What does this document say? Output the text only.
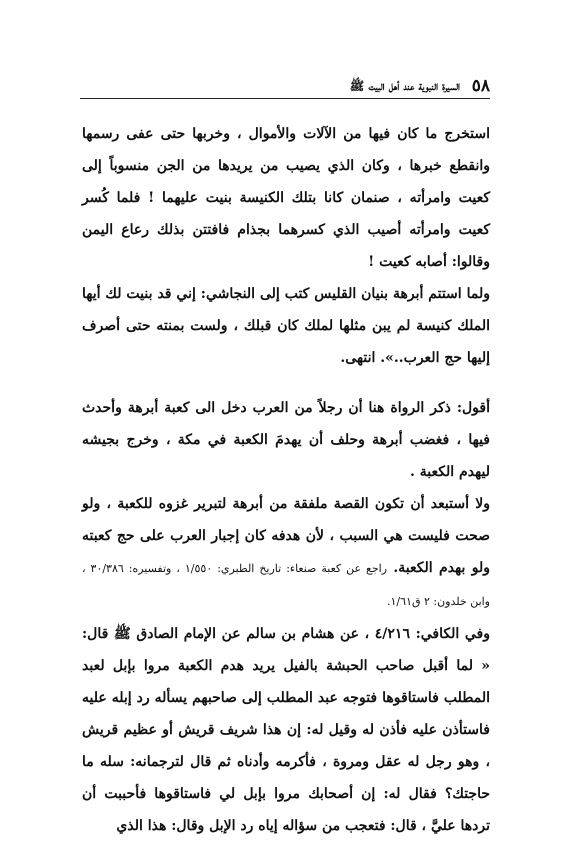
٥٨
السيرة النبوية عند أهل البيت ﷺ

استخرج ما كان فيها من الآلات والأموال ، وخربها حتى عفى رسمها وانقطع خبرها ، وكان الذي يصيب من يريدها من الجن منسوباً إلى كعيت وامرأته ، صنمان كانا بتلك الكنيسة بنيت عليهما ! فلما كُسر كعيت وامرأته أصيب الذي كسرهما بجذام فافتتن بذلك رعاع اليمن وقالوا: أصابه كعيت !

ولما استتم أبرهة بنيان القليس كتب إلى النجاشي: إني قد بنيت لك أيها الملك كنيسة لم يبن مثلها لملك كان قبلك ، ولست بمنته حتى أصرف إليها حج العرب..». انتهى.

أقول: ذكر الرواة هنا أن رجلاً من العرب دخل الى كعبة أبرهة وأحدث فيها ، فغضب أبرهة وحلف أن يهدمَ الكعبة في مكة ، وخرج بجيشه ليهدم الكعبة .

ولا أستبعد أن تكون القصة ملفقة من أبرهة لتبرير غزوه للكعبة ، ولو صحت فليست هي السبب ، لأن هدفه كان إجبار العرب على حج كعبته ولو بهدم الكعبة. راجع عن كعبة صنعاء: تاريخ الطبري: ١/٥٥٠ ، وتفسيره: ٣٠/٣٨٦ ، وابن خلدون: ٢ ق١/٦١.

وفي الكافي: ٤/٢١٦ ، عن هشام بن سالم عن الإمام الصادق ﷺ قال: « لما أقبل صاحب الحبشة بالفيل يريد هدم الكعبة مروا بإبل لعبد المطلب فاستاقوها فتوجه عبد المطلب إلى صاحبهم يسأله رد إبله عليه فاستأذن عليه فأذن له وقيل له: إن هذا شريف قريش أو عظيم قريش ، وهو رجل له عقل ومروة ، فأكرمه وأدناه ثم قال لترجمانه: سله ما حاجتك؟ فقال له: إن أصحابك مروا بإبل لي فاستاقوها فأحببت أن تردها عليَّ ، قال: فتعجب من سؤاله إياه رد الإبل وقال: هذا الذي
